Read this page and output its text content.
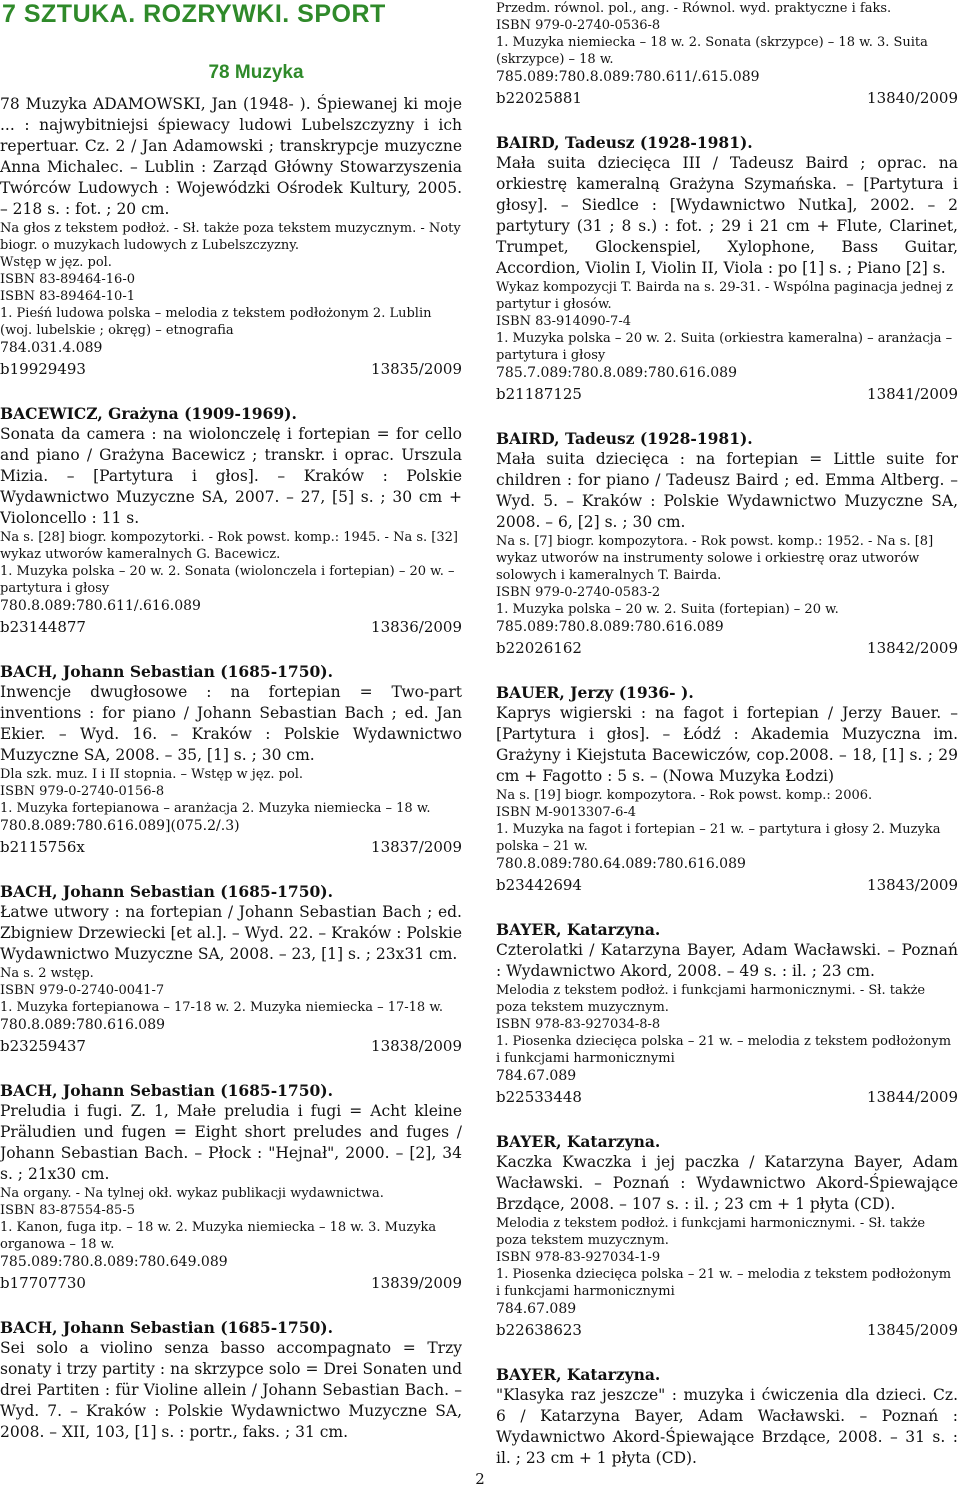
7 SZTUKA. ROZRYWKI. SPORT
78 Muzyka
78 Muzyka ADAMOWSKI, Jan (1948- ). Śpiewanej ki moje ... : najwybitniejsi śpiewacy ludowi Lubelszczyzny i ich repertuar. Cz. 2 / Jan Adamowski ; transkrypcje muzyczne Anna Michalec. – Lublin : Zarząd Główny Stowarzyszenia Twórców Ludowych : Wojewódzki Ośrodek Kultury, 2005. – 218 s. : fot. ; 20 cm.
Na głos z tekstem podłoż. - Sł. także poza tekstem muzycznym. - Noty biogr. o muzykach ludowych z Lubelszczyzny.
Wstęp w jęz. pol.
ISBN 83-89464-16-0
ISBN 83-89464-10-1
1. Pieśń ludowa polska – melodia z tekstem podłożonym 2. Lublin (woj. lubelskie ; okręg) – etnografia
784.031.4.089
b19929493	13835/2009
BACEWICZ, Grażyna (1909-1969).
Sonata da camera : na wiolonczelę i fortepian = for cello and piano / Grażyna Bacewicz ; transkr. i oprac. Urszula Mizia. – [Partytura i głos]. – Kraków : Polskie Wydawnictwo Muzyczne SA, 2007. – 27, [5] s. ; 30 cm + Violoncello : 11 s.
Na s. [28] biogr. kompozytorki. - Rok powst. komp.: 1945. - Na s. [32] wykaz utworów kameralnych G. Bacewicz.
1. Muzyka polska – 20 w. 2. Sonata (wiolonczela i fortepian) – 20 w. – partytura i głosy
780.8.089:780.611/.616.089
b23144877	13836/2009
BACH, Johann Sebastian (1685-1750).
Inwencje dwugłosowe : na fortepian = Two-part inventions : for piano / Johann Sebastian Bach ; ed. Jan Ekier. – Wyd. 16. – Kraków : Polskie Wydawnictwo Muzyczne SA, 2008. – 35, [1] s. ; 30 cm.
Dla szk. muz. I i II stopnia. – Wstęp w jęz. pol.
ISBN 979-0-2740-0156-8
1. Muzyka fortepianowa – aranżacja 2. Muzyka niemiecka – 18 w.
780.8.089:780.616.089](075.2/.3)
b2115756x	13837/2009
BACH, Johann Sebastian (1685-1750).
Łatwe utwory : na fortepian / Johann Sebastian Bach ; ed. Zbigniew Drzewiecki [et al.]. – Wyd. 22. – Kraków : Polskie Wydawnictwo Muzyczne SA, 2008. – 23, [1] s. ; 23x31 cm.
Na s. 2 wstęp.
ISBN 979-0-2740-0041-7
1. Muzyka fortepianowa – 17-18 w. 2. Muzyka niemiecka – 17-18 w.
780.8.089:780.616.089
b23259437	13838/2009
BACH, Johann Sebastian (1685-1750).
Preludia i fugi. Z. 1, Małe preludia i fugi = Acht kleine Präludien und fugen = Eight short preludes and fuges / Johann Sebastian Bach. – Płock : "Hejnał", 2000. – [2], 34 s. ; 21x30 cm.
Na organy. - Na tylnej okł. wykaz publikacji wydawnictwa.
ISBN 83-87554-85-5
1. Kanon, fuga itp. – 18 w. 2. Muzyka niemiecka – 18 w. 3. Muzyka organowa – 18 w.
785.089:780.8.089:780.649.089
b17707730	13839/2009
BACH, Johann Sebastian (1685-1750).
Sei solo a violino senza basso accompagnato = Trzy sonaty i trzy partity : na skrzypce solo = Drei Sonaten und drei Partiten : für Violine allein / Johann Sebastian Bach. – Wyd. 7. – Kraków : Polskie Wydawnictwo Muzyczne SA, 2008. – XII, 103, [1] s. : portr., faks. ; 31 cm.
Przedm. równol. pol., ang. - Równol. wyd. praktyczne i faks.
ISBN 979-0-2740-0536-8
1. Muzyka niemiecka – 18 w. 2. Sonata (skrzypce) – 18 w. 3. Suita (skrzypce) – 18 w.
785.089:780.8.089:780.611/.615.089
b22025881	13840/2009
BAIRD, Tadeusz (1928-1981).
Mała suita dziecięca III / Tadeusz Baird ; oprac. na orkiestrę kameralną Grażyna Szymańska. – [Partytura i głosy]. – Siedlce : [Wydawnictwo Nutka], 2002. – 2 partytury (31 ; 8 s.) : fot. ; 29 i 21 cm + Flute, Clarinet, Trumpet, Glockenspiel, Xylophone, Bass Guitar, Accordion, Violin I, Violin II, Viola : po [1] s. ; Piano [2] s.
Wykaz kompozycji T. Bairda na s. 29-31. - Wspólna paginacja jednej z partytur i głosów.
ISBN 83-914090-7-4
1. Muzyka polska – 20 w. 2. Suita (orkiestra kameralna) – aranżacja – partytura i głosy
785.7.089:780.8.089:780.616.089
b21187125	13841/2009
BAIRD, Tadeusz (1928-1981).
Mała suita dziecięca : na fortepian = Little suite for children : for piano / Tadeusz Baird ; ed. Emma Altberg. – Wyd. 5. – Kraków : Polskie Wydawnictwo Muzyczne SA, 2008. – 6, [2] s. ; 30 cm.
Na s. [7] biogr. kompozytora. - Rok powst. komp.: 1952. - Na s. [8] wykaz utworów na instrumenty solowe i orkiestrę oraz utworów solowych i kameralnych T. Bairda.
ISBN 979-0-2740-0583-2
1. Muzyka polska – 20 w. 2. Suita (fortepian) – 20 w.
785.089:780.8.089:780.616.089
b22026162	13842/2009
BAUER, Jerzy (1936- ).
Kaprys wigierski : na fagot i fortepian / Jerzy Bauer. – [Partytura i głos]. – Łódź : Akademia Muzyczna im. Grażyny i Kiejstuta Bacewiczów, cop.2008. – 18, [1] s. ; 29 cm + Fagotto : 5 s. – (Nowa Muzyka Łodzi)
Na s. [19] biogr. kompozytora. - Rok powst. komp.: 2006.
ISBN M-9013307-6-4
1. Muzyka na fagot i fortepian – 21 w. – partytura i głosy 2. Muzyka polska – 21 w.
780.8.089:780.64.089:780.616.089
b23442694	13843/2009
BAYER, Katarzyna.
Czterolatki / Katarzyna Bayer, Adam Wacławski. – Poznań : Wydawnictwo Akord, 2008. – 49 s. : il. ; 23 cm.
Melodia z tekstem podłoż. i funkcjami harmonicznymi. - Sł. także poza tekstem muzycznym.
ISBN 978-83-927034-8-8
1. Piosenka dziecięca polska – 21 w. – melodia z tekstem podłożonym i funkcjami harmonicznymi
784.67.089
b22533448	13844/2009
BAYER, Katarzyna.
Kaczka Kwaczka i jej paczka / Katarzyna Bayer, Adam Wacławski. – Poznań : Wydawnictwo Akord-Śpiewające Brzdące, 2008. – 107 s. : il. ; 23 cm + 1 płyta (CD).
Melodia z tekstem podłoż. i funkcjami harmonicznymi. - Sł. także poza tekstem muzycznym.
ISBN 978-83-927034-1-9
1. Piosenka dziecięca polska – 21 w. – melodia z tekstem podłożonym i funkcjami harmonicznymi
784.67.089
b22638623	13845/2009
BAYER, Katarzyna.
"Klasyka raz jeszcze" : muzyka i ćwiczenia dla dzieci. Cz. 6 / Katarzyna Bayer, Adam Wacławski. – Poznań : Wydawnictwo Akord-Śpiewające Brzdące, 2008. – 31 s. : il. ; 23 cm + 1 płyta (CD).
2
